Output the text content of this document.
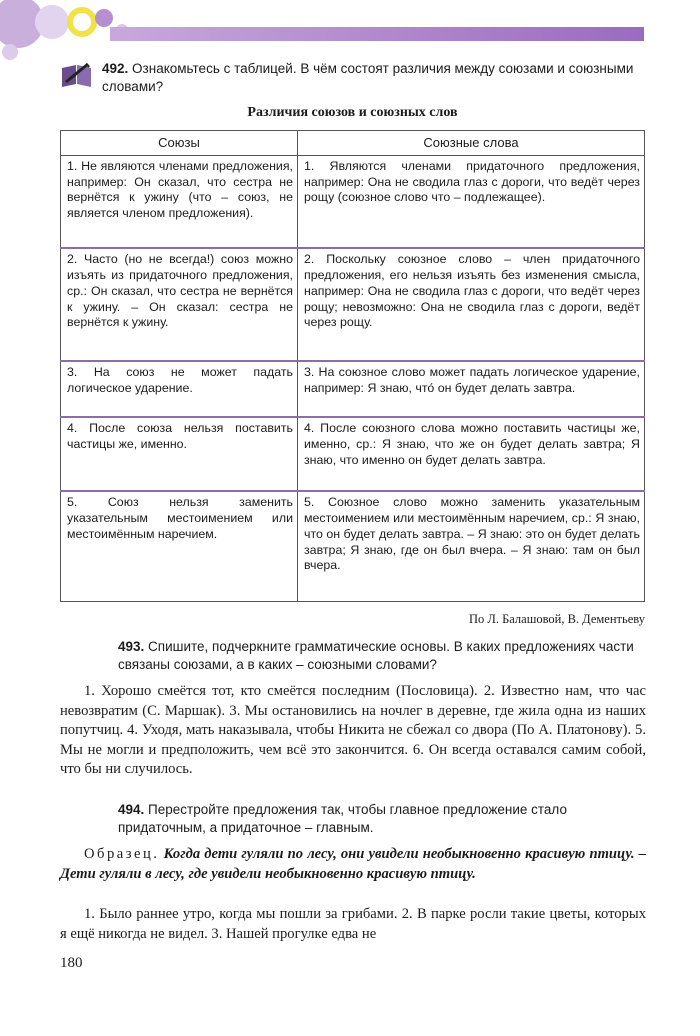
492. Ознакомьтесь с таблицей. В чём состоят различия между союзами и союзными словами?
Различия союзов и союзных слов
Союзы	Союзные слова
1. Не являются членами предложения, например: Он сказал, что сестра не вернётся к ужину (что – союз, не является членом предложения).	1. Являются членами придаточного предложения, например: Она не сводила глаз с дороги, что ведёт через рощу (союзное слово что – подлежащее).
2. Часто (но не всегда!) союз можно изъять из придаточного предложения, ср.: Он сказал, что сестра не вернётся к ужину. – Он сказал: сестра не вернётся к ужину.	2. Поскольку союзное слово – член придаточного предложения, его нельзя изъять без изменения смысла, например: Она не сводила глаз с дороги, что ведёт через рощу; невозможно: Она не сводила глаз с дороги, ведёт через рощу.
3. На союз не может падать логическое ударение.	3. На союзное слово может падать логическое ударение, например: Я знаю, что́ он будет делать завтра.
4. После союза нельзя поставить частицы же, именно.	4. После союзного слова можно поставить частицы же, именно, ср.: Я знаю, что же он будет делать завтра; Я знаю, что именно он будет делать завтра.
5. Союз нельзя заменить указательным местоимением или местоимённым наречием.	5. Союзное слово можно заменить указательным местоимением или местоимённым наречием, ср.: Я знаю, что он будет делать завтра. – Я знаю: это он будет делать завтра; Я знаю, где он был вчера. – Я знаю: там он был вчера.
По Л. Балашовой, В. Дементьеву
493. Спишите, подчеркните грамматические основы. В каких предложениях части связаны союзами, а в каких – союзными словами?

1. Хорошо смеётся тот, кто смеётся последним (Пословица). 2. Известно нам, что час невозвратим (С. Маршак). 3. Мы остановились на ночлег в деревне, где жила одна из наших попутчиц. 4. Уходя, мать наказывала, чтобы Никита не сбежал со двора (По А. Платонову). 5. Мы не могли и предположить, чем всё это закончится. 6. Он всегда оставался самим собой, что бы ни случилось.

494. Перестройте предложения так, чтобы главное предложение стало придаточным, а придаточное – главным.

Образец. Когда дети гуляли по лесу, они увидели необыкновенно красивую птицу. – Дети гуляли в лесу, где увидели необыкновенно красивую птицу.

1. Было раннее утро, когда мы пошли за грибами. 2. В парке росли такие цветы, которых я ещё никогда не видел. 3. Нашей прогулке едва не

180
